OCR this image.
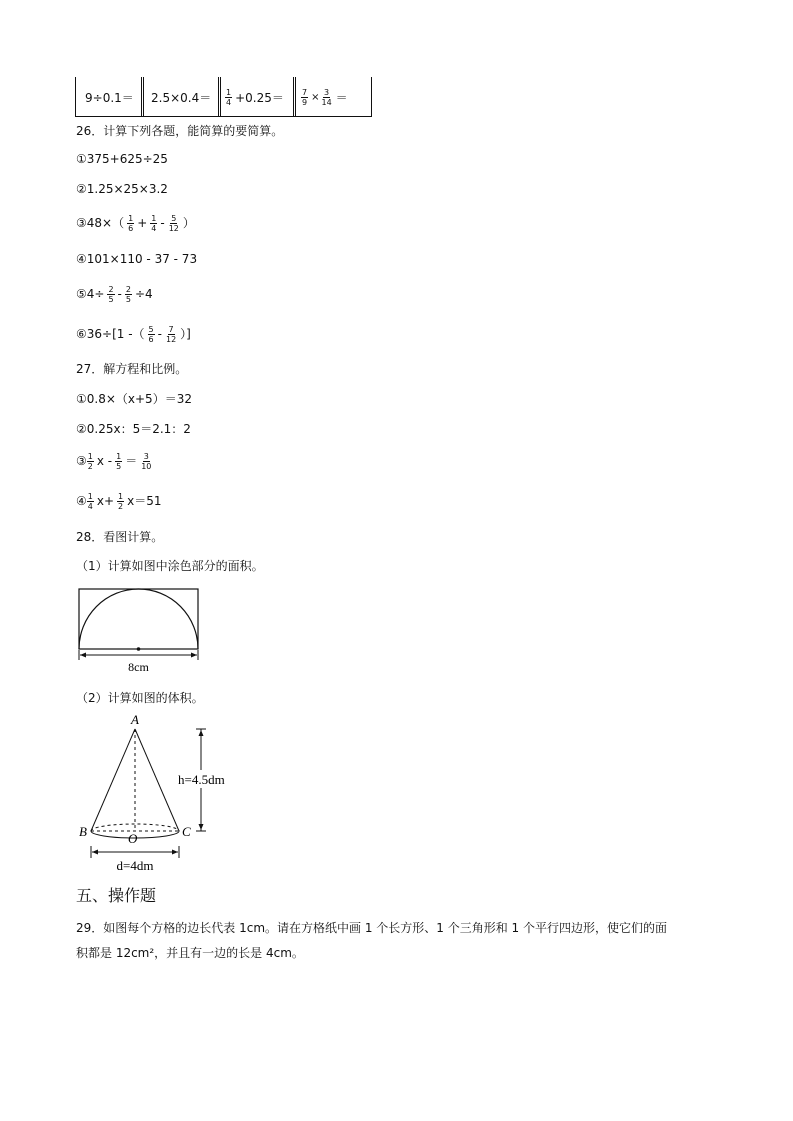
$9\div 0.1= 2.5\times 0.4= \frac{1}{4} +0.25= \frac{7}{9} \times \frac{3}{14}$ ＝
26．计算下列各题，能简算的要简算。
①375+625÷25
②1.25×25×3.2
③48×（ $\frac{1}{6} + \frac{1}{4} - \frac{5}{12}$ ）
④101×110 - 37 - 73
⑤4÷ $\frac{2}{5} - \frac{2}{5} \div 4$
⑥36÷[1 -（ $\frac{5}{6} - \frac{7}{12}$ ）]
27．解方程和比例。
①0.8×（x+5）＝32
②0.25x：5＝2.1：2
③ $\frac{1}{2}$ $x - \frac{1}{5} = \frac{3}{10}$
④ $\frac{1}{4} x+ \frac{1}{2} x=51$
28．看图计算。
（1）计算如图中涂色部分的面积。
8cm
（2）计算如图的体积。
A
B	C
O
h=4.5dm
d=4dm
五、操作题
29．如图每个方格的边长代表 1cm。请在方格纸中画 1 个长方形、1 个三角形和 1 个平行四边形，使它们的面
积都是 12cm²，并且有一边的长是 4cm。
